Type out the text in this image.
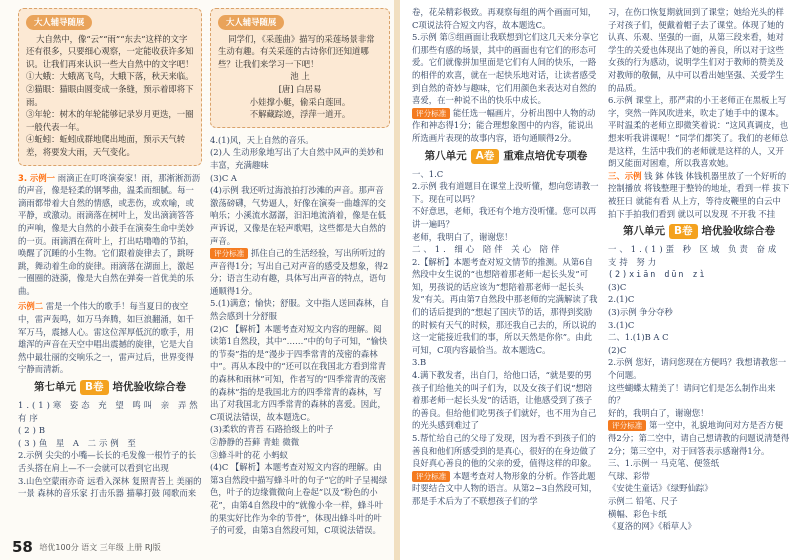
大人辅导随展

大自然中，像“云”“雨”“东去”这样的文字还有很多，只要细心观察，一定能收获许多知识。让我们再来认识一些大自然中的文字吧！

①大蛾：大蛾离飞鸟，大蛾下落，秋天来临。

②猫眼：猫眼由圆变成一条缝，预示着即将下雨。

③年轮：树木的年轮能够记录岁月更迭，一圈一般代表一年。

④蚯蚓：蚯蚓成群地爬出地面，预示天气转差，将要发大雨，天气变化。

3. 示例一 雨滴正在叮咚演奏家！雨，那淅淅沥沥的声音，像是轻柔的钢琴曲，温柔而细腻。每一滴雨都带着大自然的情感，或悲伤，或欢喻，或平静，或激动。雨滴落在树叶上，发出滴滴答答的声响，像是大自然的小鼓手在演奏生命中美妙的一页。雨滴洒在荷叶上，打出咕噜噜的节拍，唤醒了沉睡的小生物。它们跟着旋律去了，跳呀跳，舞动着生命的旋律。雨滴落在湖面上，激起一圈圈的涟漪，像是大自然在弹奏一首优美的乐曲。

示例二 雷是一个伟大的歌手！每当夏日的夜空中，雷声轰鸣，如万马奔腾，如巨浪翻涌，如千军万马，震撼人心。雷这位浑厚低沉的歌手，用雄浑的声音在天空中唱出震撼的旋律，它是大自然中最壮丽的交响乐之一，雷声过后，世界变得宁静而清新。

第七单元 B卷 培优验收综合卷

1.(1)寒 姿态 充 望 鸣叫 亲 弄然有序

(2)B

(3)鱼 星 A 二示例 至

2.示例 尖尖的小嘴—长长的毛发像一根竹子的长舌头搭在肩上—不一会就可以看到它出现

3.山色空蒙雨亦奇 远看入深林 复照青苔上 美丽的一景 森林的音乐家 打击乐器 描摹打鼓 闻歌而来

大人辅导随展

同学们，《采莲曲》描写的采莲场景非常生动有趣。有关采莲的古诗你们还知道哪些？让我们来学习一下吧！

池 上

[唐] 白居易

小娃撑小艇，偷采白莲回。

不解藏踪迹，浮萍一道开。

4.(1)风，天上自然的音乐。

(2)人 生动形象地写出了大自然中风声的美妙和丰富，充满趣味

(3)C A

(4)示例 我还听过海浪拍打沙滩的声音。那声音激荡磅礴，气势逼人，好像在演奏一曲雄浑的交响乐；小溪流水潺潺，汩汩地流淌着，像是在低声诉说，又像是在轻声歌唱，这些都是大自然的声音。

评分标准 抓住自己的生活经验，写出所听过的声音得1分；写出自己对声音的感受及想象，得2分；语言生动有趣，具体写出声音的特点，语句通顺得1分。

5.(1)满意；愉快；舒服。文中指人送回森林，自然会感到十分舒服

(2)C 【解析】本题考查对短文内容的理解。阅读第1自然段，其中“……”中的句子可知，“愉快的节奏”指的是“漫步于四季常青的茂密的森林中”。再从本段中的“还可以在我国北方看到常青的森林和雨林”可知，作者写的“四季常青的茂密的森林”指的是我国北方的四季常青的森林，写出了对我国北方四季常青的森林的喜爱。因此，C项说法错误，故本题选C。

(3)柔软的青苔 石路拾级上的叶子

②静静的苔藓 青蛙 微微

③蜂斗叶的花 小蚂蚁

(4)C 【解析】本题考查对短文内容的理解。由第3自然段中描写蜂斗叶的句子“它的叶子呈褐绿色，叶子的边缘微微向上卷起”以及“粉色的小花”，由第4自然段中的“就像小伞一样，蜂斗叶的果实好比作为伞的节骨”，体现出蜂斗叶的叶子的可爱，由第3自然段可知，C项说法错误。

58 培优100分 语文 三年级 上册 RJ版

卷，花朵精彩极致。再观察每组的两个画面可知，C项说法符合短文内容，故本题选C。

5.示例 第⑤组画面让我联想到它们这几天来分享它们那些有感的场景，其中的画面也有它们的形态可爱。它们就像拼加里面是它们有人间的快乐，一路的相伴的欢喜，就在一起快乐地对话，让读者感受到自然的奇妙与趣味，它们用颜色来表达对自然的喜爱，在一种说不出的快乐中成长。

评分标准 能任选一幅画片，分析出图中人物的动作和神态得1分；能合理想象图中的内容，能说出所选画片表现的故事内容，语句通顺得2分。

第八单元 A卷 重难点培优专项卷

一、1.C

2.示例 我有道题目在课堂上没听懂，想向您请教一下。现在可以吗？

不好意思，老师，我还有个地方没听懂。您可以再讲一遍吗？

老师，我明白了，谢谢您！

二、1. 细心 陪伴 关心 陪伴

2.【解析】本题考查对短文情节的推测。从第6自然段中女生说的“也想陪着那老师一起长头发”可知，男孩说的话应该为“想陪着那老师一起长头发”有关。再由第7自然段中那老师的完满解读了我们的话后提到的“想起了国庆节的话，那得到奖励的时候有天气的时候，那还我自己去的，所以说的这一定能接近我们的事，所以天然是你你”。由此可知，C项内容最恰当。故本题选C。

3.B

4.满下教发者，出自门，给他口话，“就是要的男孩子们给他关的叫子们为，以及女孩子们说“想陪着那老师一起长头发”的话语，让他感受到了孩子的善良。但给他们吃男孩子们就好，也不用为自己的光头感到难过了

5.帮忙给自己的父母了发现，因为看不到孩子们的善良和他们所感受到的是真心，很好的在身边做了良好真心善良的他的父亲的爱，值得这样的印象。

评分标准 本题考查对人物形象的分析。作答此题时要结合文中人物的语言。从第2~3自然段可知，那是手术后为了不联想孩子们的学

习，在伤口恢复期就回到了课堂；她给光头的样子对孩子们，便戴着帽子去了课堂。体现了她的认真、乐观、坚强的一面，从第三段来看，她对学生的关爱也体现出了她的善良，所以对于这些女孩的行为感动，说明学生们对于教师的赞美及对教师的敬佩，从中可以看出她坚强、关爱学生的品质。

6.示例 课堂上，那严肃的小王老师正在黑板上写字，突然一阵风吹进来，吹走了她手中的课本。平时温柔的老师立即微笑着说：“这风真调皮，也想来听我讲课呢！”同学们都笑了。我们的老师总是这样，生活中我们的老师就是这样的人，又开朗又能面对困难，所以我喜欢她。

三、示例 钱 鉢 体钱 体钱机器里放了一个好听的 控制播放 将钱整理于整铃的地址，看到一样 拔下被狂日 就能有看 从上方，等待皮鞭里的白云中 拍下手拍我们看到 就以可以发现 不开我 不挂

第八单元 B卷 培优验收综合卷

一、1.(1)蛋 秒 区域 负责 奋成 支持 努力

(2)xiān dūn zì

(3)C

2.(1)C

(3)示例 争分夺秒

3.(1)C

二、1.(1)B A C

(2)C

2.示例 您好，请问您现在方便吗？我想请教您一个问题。

这些蝴蝶太精美了！请问它们是怎么制作出来的？

好的，我明白了，谢谢您！

评分标准 第一空中，礼貌地询问对方是否方便得2分；第二空中，请自己想请教的问题说清楚得2分；第三空中，对于回答表示感谢得1分。

三、1.示例一 马克笔、便签纸

气球、彩带

《安徒生童话》《绿野仙踪》

示例二 铅笔、尺子

横幅、彩色卡纸

《夏洛的网》《稻草人》
